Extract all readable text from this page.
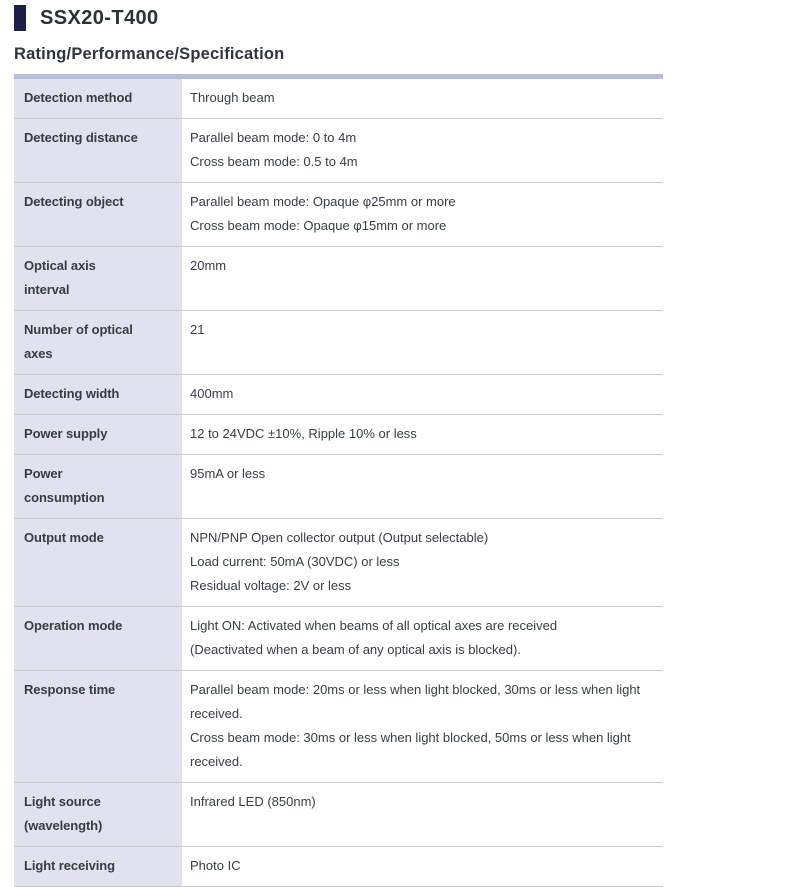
SSX20-T400
Rating/Performance/Specification
Detection method	Through beam

Detecting distance	Parallel beam mode: 0 to 4m
Cross beam mode: 0.5 to 4m

Detecting object	Parallel beam mode: Opaque φ25mm or more
Cross beam mode: Opaque φ15mm or more

Optical axis interval	20mm

Number of optical axes	21

Detecting width	400mm

Power supply	12 to 24VDC ±10%, Ripple 10% or less

Power consumption	95mA or less

Output mode	NPN/PNP Open collector output (Output selectable)
Load current: 50mA (30VDC) or less
Residual voltage: 2V or less

Operation mode	Light ON: Activated when beams of all optical axes are received
(Deactivated when a beam of any optical axis is blocked).

Response time	Parallel beam mode: 20ms or less when light blocked, 30ms or less when light received.
Cross beam mode: 30ms or less when light blocked, 50ms or less when light received.

Light source (wavelength)	Infrared LED (850nm)

Light receiving	Photo IC
